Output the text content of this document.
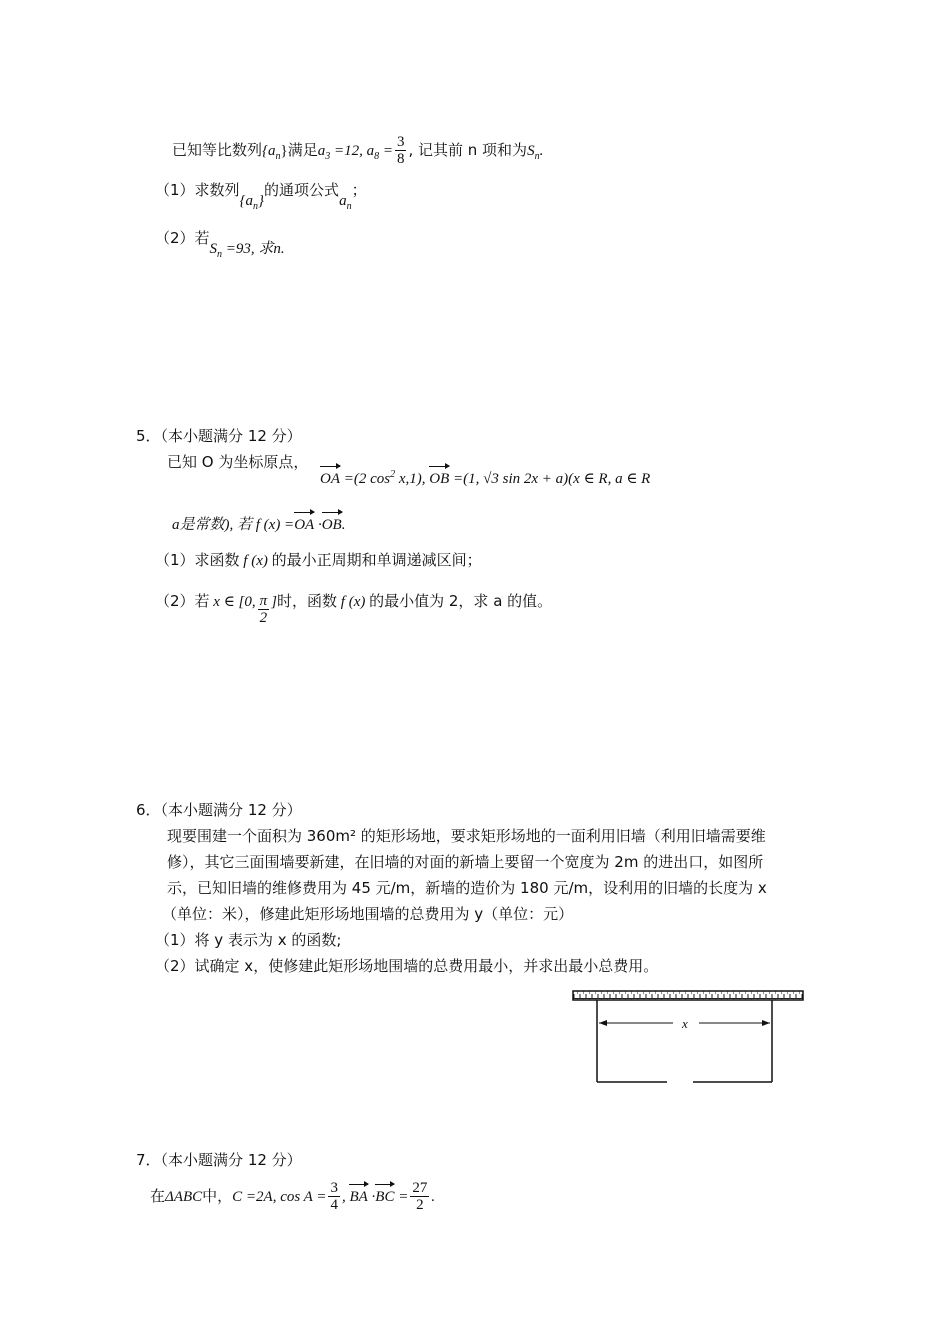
已知等比数列$\{a_n\}$满足$a_3 =12$, $a_8 = \frac{3}{8}$ , 记其前 n 项和为$S_n$.
（1）求数列$\{a_n\}$的通项公式$a_n$；
（2）若$S_n =93$, 求n.
5．（本小题满分 12 分）
已知 O 为坐标原点，
OA =(2 $\cos^2 x,1$), OB =(1, √3 sin 2x + a)(x ∈ R, a ∈ R
a是常数), 若 f (x) =OA ·OB.
（1）求函数 f (x) 的最小正周期和单调递减区间；
（2）若 x ∈ [0, $\frac{\pi}{2}$ ]时，函数 f (x) 的最小值为 2，求 a 的值。
6．（本小题满分 12 分）
现要围建一个面积为 360m² 的矩形场地，要求矩形场地的一面利用旧墙（利用旧墙需要维
修），其它三面围墙要新建，在旧墙的对面的新墙上要留一个宽度为 2m 的进出口，如图所
示，已知旧墙的维修费用为 45 元/m，新墙的造价为 180 元/m，设利用的旧墙的长度为 x
（单位：米），修建此矩形场地围墙的总费用为 y（单位：元）
（1）将 y 表示为 x 的函数;
（2）试确定 x，使修建此矩形场地围墙的总费用最小，并求出最小总费用。
x
7．（本小题满分 12 分）
在ΔABC中，C =2A, $\cos A = \frac{3}{4}$ , BA $\cdot BC = \frac{27}{2}$ .
